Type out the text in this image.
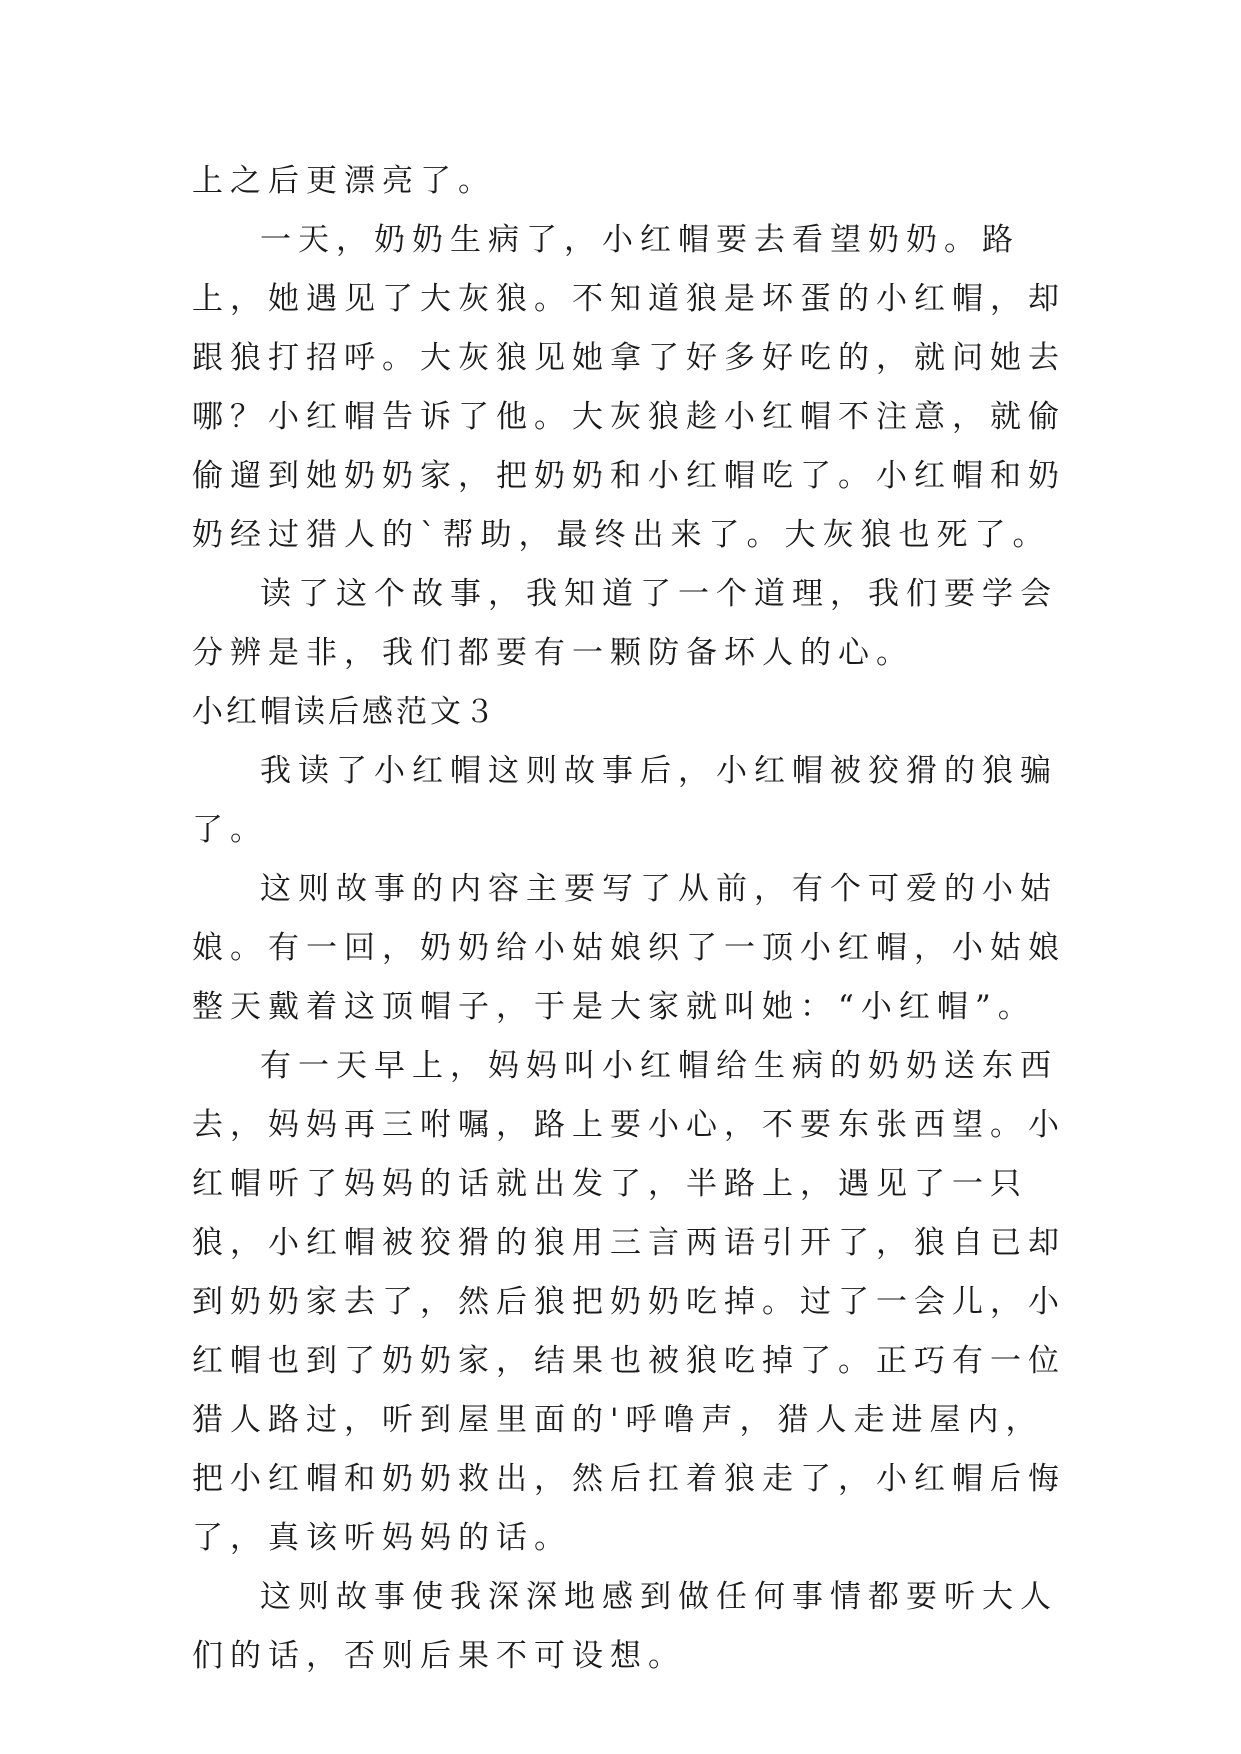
上之后更漂亮了。

一天，奶奶生病了，小红帽要去看望奶奶。路上，她遇见了大灰狼。不知道狼是坏蛋的小红帽，却跟狼打招呼。大灰狼见她拿了好多好吃的，就问她去哪？小红帽告诉了他。大灰狼趁小红帽不注意，就偷偷遛到她奶奶家，把奶奶和小红帽吃了。小红帽和奶奶经过猎人的`帮助，最终出来了。大灰狼也死了。

读了这个故事，我知道了一个道理，我们要学会分辨是非，我们都要有一颗防备坏人的心。

小红帽读后感范文３

我读了小红帽这则故事后，小红帽被狡猾的狼骗了。

这则故事的内容主要写了从前，有个可爱的小姑娘。有一回，奶奶给小姑娘织了一顶小红帽，小姑娘整天戴着这顶帽子，于是大家就叫她：“小红帽”。

有一天早上，妈妈叫小红帽给生病的奶奶送东西去，妈妈再三咐嘱，路上要小心，不要东张西望。小红帽听了妈妈的话就出发了，半路上，遇见了一只狼，小红帽被狡猾的狼用三言两语引开了，狼自已却到奶奶家去了，然后狼把奶奶吃掉。过了一会儿，小红帽也到了奶奶家，结果也被狼吃掉了。正巧有一位猎人路过，听到屋里面的'呼噜声，猎人走进屋内，把小红帽和奶奶救出，然后扛着狼走了，小红帽后悔了，真该听妈妈的话。

这则故事使我深深地感到做任何事情都要听大人们的话，否则后果不可设想。
